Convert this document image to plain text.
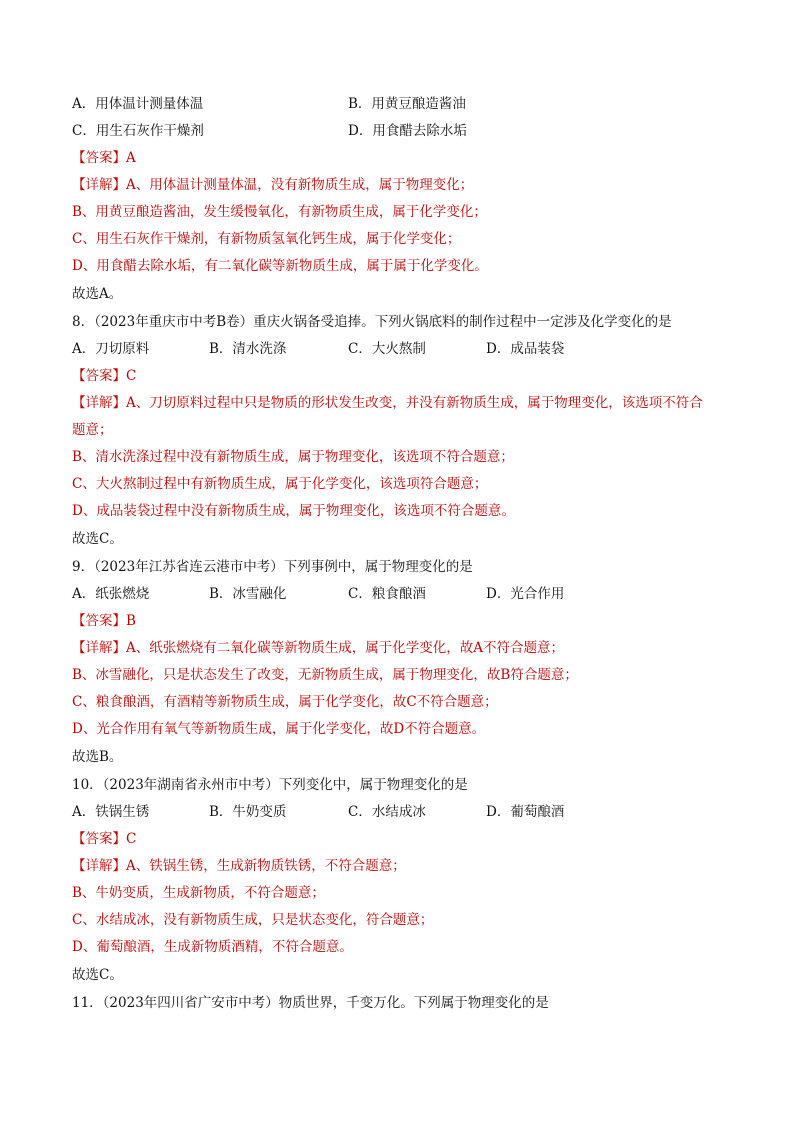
A．用体温计测量体温	B．用黄豆酿造酱油
C．用生石灰作干燥剂	D．用食醋去除水垢
【答案】A
【详解】A、用体温计测量体温，没有新物质生成，属于物理变化；
B、用黄豆酿造酱油，发生缓慢氧化，有新物质生成，属于化学变化；
C、用生石灰作干燥剂，有新物质氢氧化钙生成，属于化学变化；
D、用食醋去除水垢，有二氧化碳等新物质生成，属于属于化学变化。
故选A。
8．（2023年重庆市中考B卷）重庆火锅备受追捧。下列火锅底料的制作过程中一定涉及化学变化的是
A．刀切原料	B．清水洗涤	C．大火熬制	D．成品装袋
【答案】C
【详解】A、刀切原料过程中只是物质的形状发生改变，并没有新物质生成，属于物理变化，该选项不符合
题意；
B、清水洗涤过程中没有新物质生成，属于物理变化，该选项不符合题意；
C、大火熬制过程中有新物质生成，属于化学变化，该选项符合题意；
D、成品装袋过程中没有新物质生成，属于物理变化，该选项不符合题意。
故选C。
9．（2023年江苏省连云港市中考）下列事例中，属于物理变化的是
A．纸张燃烧	B．冰雪融化	C．粮食酿酒	D．光合作用
【答案】B
【详解】A、纸张燃烧有二氧化碳等新物质生成，属于化学变化，故A不符合题意；
B、冰雪融化，只是状态发生了改变，无新物质生成，属于物理变化，故B符合题意；
C、粮食酿酒，有酒精等新物质生成，属于化学变化，故C不符合题意；
D、光合作用有氧气等新物质生成，属于化学变化，故D不符合题意。
故选B。
10．（2023年湖南省永州市中考）下列变化中，属于物理变化的是
A．铁锅生锈	B．牛奶变质	C．水结成冰	D．葡萄酿酒
【答案】C
【详解】A、铁锅生锈，生成新物质铁锈，不符合题意；
B、牛奶变质，生成新物质，不符合题意；
C、水结成冰，没有新物质生成，只是状态变化，符合题意；
D、葡萄酿酒，生成新物质酒精，不符合题意。
故选C。
11．（2023年四川省广安市中考）物质世界，千变万化。下列属于物理变化的是
